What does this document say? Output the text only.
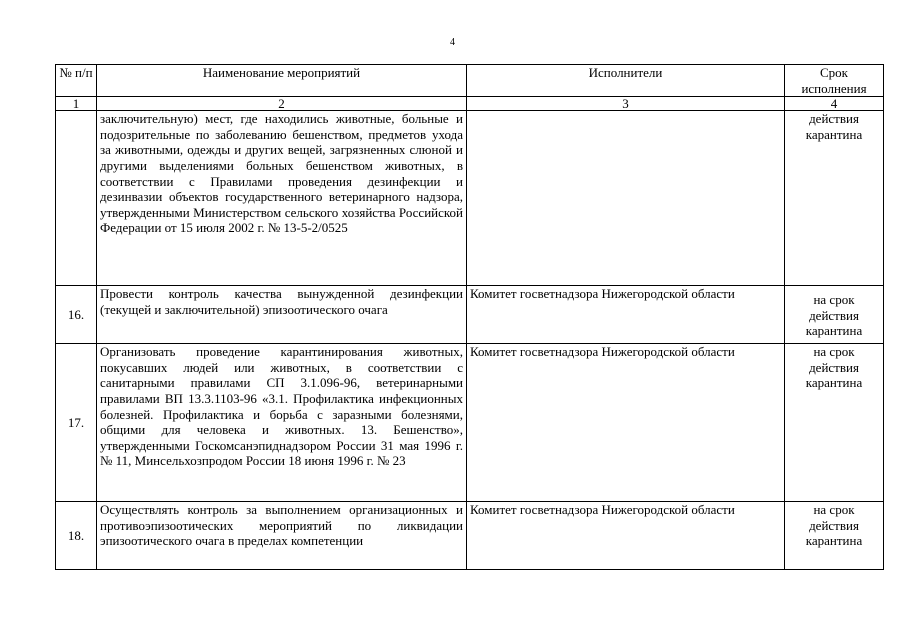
4
№ п/п	Наименование мероприятий	Исполнители	Срок исполнения
1	2	3	4
	заключительную) мест, где находились животные, больные и подозрительные по заболеванию бешенством, предметов ухода за животными, одежды и других вещей, загрязненных слюной и другими выделениями больных бешенством животных, в соответствии с Правилами проведения дезинфекции и дезинвазии объектов государственного ветеринарного надзора, утвержденными Министерством сельского хозяйства Российской Федерации от 15 июля 2002 г. № 13-5-2/0525		действия карантина
16.	Провести контроль качества вынужденной дезинфекции (текущей и заключительной) эпизоотического очага	Комитет госветнадзора Нижегородской области	на срок действия карантина
17.	Организовать проведение карантинирования животных, покусавших людей или животных, в соответствии с санитарными правилами СП 3.1.096-96, ветеринарными правилами ВП 13.3.1103-96 «3.1. Профилактика инфекционных болезней. Профилактика и борьба с заразными болезнями, общими для человека и животных. 13. Бешенство», утвержденными Госкомсанэпиднадзором России 31 мая 1996 г. № 11, Минсельхозпродом России 18 июня 1996 г. № 23	Комитет госветнадзора Нижегородской области	на срок действия карантина
18.	Осуществлять контроль за выполнением организационных и противоэпизоотических мероприятий по ликвидации эпизоотического очага в пределах компетенции	Комитет госветнадзора Нижегородской области	на срок действия карантина
